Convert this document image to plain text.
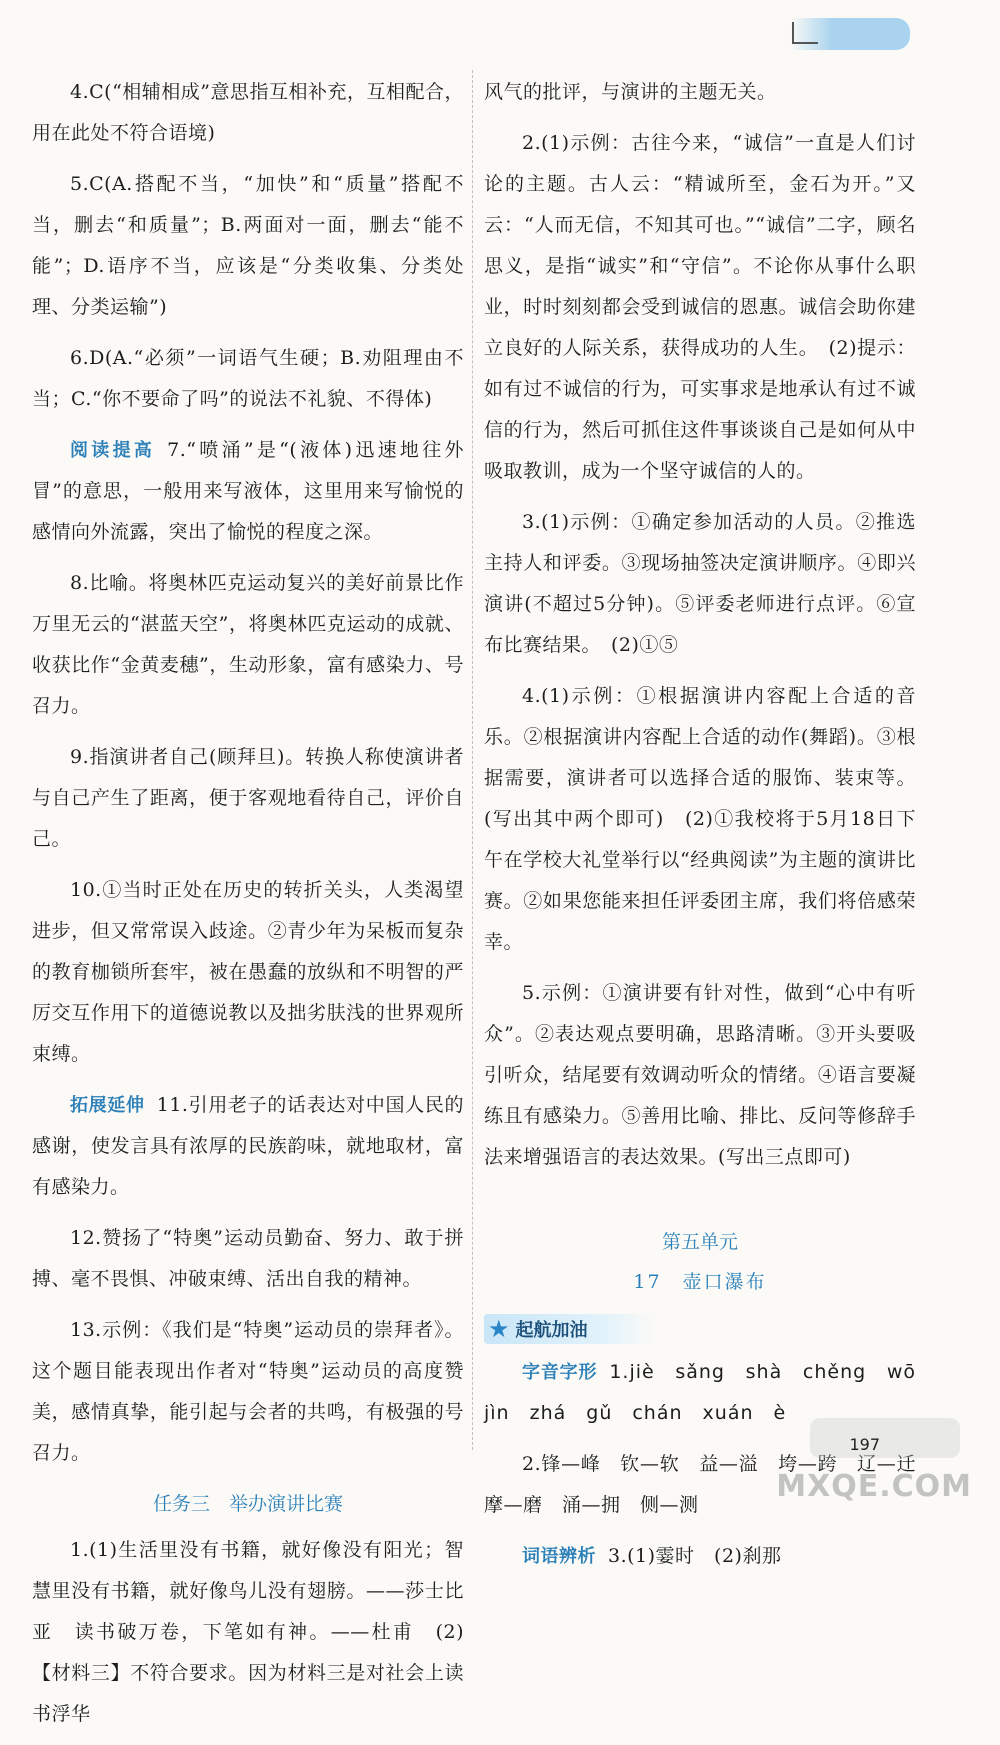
4.C(“相辅相成”意思指互相补充，互相配合，用在此处不符合语境)

5.C(A.搭配不当，“加快”和“质量”搭配不当，删去“和质量”；B.两面对一面，删去“能不能”；D.语序不当，应该是“分类收集、分类处理、分类运输”)

6.D(A.“必须”一词语气生硬；B.劝阻理由不当；C.“你不要命了吗”的说法不礼貌、不得体)

阅读提高 7.“喷涌”是“(液体)迅速地往外冒”的意思，一般用来写液体，这里用来写愉悦的感情向外流露，突出了愉悦的程度之深。

8.比喻。将奥林匹克运动复兴的美好前景比作万里无云的“湛蓝天空”，将奥林匹克运动的成就、收获比作“金黄麦穗”，生动形象，富有感染力、号召力。

9.指演讲者自己(顾拜旦)。转换人称使演讲者与自己产生了距离，便于客观地看待自己，评价自己。

10.①当时正处在历史的转折关头，人类渴望进步，但又常常误入歧途。②青少年为呆板而复杂的教育枷锁所套牢，被在愚蠢的放纵和不明智的严厉交互作用下的道德说教以及拙劣肤浅的世界观所束缚。

拓展延伸 11.引用老子的话表达对中国人民的感谢，使发言具有浓厚的民族韵味，就地取材，富有感染力。

12.赞扬了“特奥”运动员勤奋、努力、敢于拼搏、毫不畏惧、冲破束缚、活出自我的精神。

13.示例：《我们是“特奥”运动员的崇拜者》。这个题目能表现出作者对“特奥”运动员的高度赞美，感情真挚，能引起与会者的共鸣，有极强的号召力。

任务三　举办演讲比赛

1.(1)生活里没有书籍，就好像没有阳光；智慧里没有书籍，就好像鸟儿没有翅膀。——莎士比亚　读书破万卷，下笔如有神。——杜甫　(2)【材料三】不符合要求。因为材料三是对社会上读书浮华

风气的批评，与演讲的主题无关。

2.(1)示例：古往今来，“诚信”一直是人们讨论的主题。古人云：“精诚所至，金石为开。”又云：“人而无信，不知其可也。”“诚信”二字，顾名思义，是指“诚实”和“守信”。不论你从事什么职业，时时刻刻都会受到诚信的恩惠。诚信会助你建立良好的人际关系，获得成功的人生。　(2)提示：如有过不诚信的行为，可实事求是地承认有过不诚信的行为，然后可抓住这件事谈谈自己是如何从中吸取教训，成为一个坚守诚信的人的。

3.(1)示例：①确定参加活动的人员。②推选主持人和评委。③现场抽签决定演讲顺序。④即兴演讲(不超过5分钟)。⑤评委老师进行点评。⑥宣布比赛结果。　(2)①⑤

4.(1)示例：①根据演讲内容配上合适的音乐。②根据演讲内容配上合适的动作(舞蹈)。③根据需要，演讲者可以选择合适的服饰、装束等。(写出其中两个即可)　(2)①我校将于5月18日下午在学校大礼堂举行以“经典阅读”为主题的演讲比赛。②如果您能来担任评委团主席，我们将倍感荣幸。

5.示例：①演讲要有针对性，做到“心中有听众”。②表达观点要明确，思路清晰。③开头要吸引听众，结尾要有效调动听众的情绪。④语言要凝练且有感染力。⑤善用比喻、排比、反问等修辞手法来增强语言的表达效果。(写出三点即可)

第五单元

17　壶口瀑布

★ 起航加油

字音字形 1.jiè　sǎng　shà　chěng　wō　jìn　zhá　gǔ　chán　xuán　è

2.锋—峰　钦—软　益—溢　垮—跨　辽—迁　摩—磨　涌—拥　侧—测

词语辨析 3.(1)霎时　(2)刹那

197
MXQE.COM
